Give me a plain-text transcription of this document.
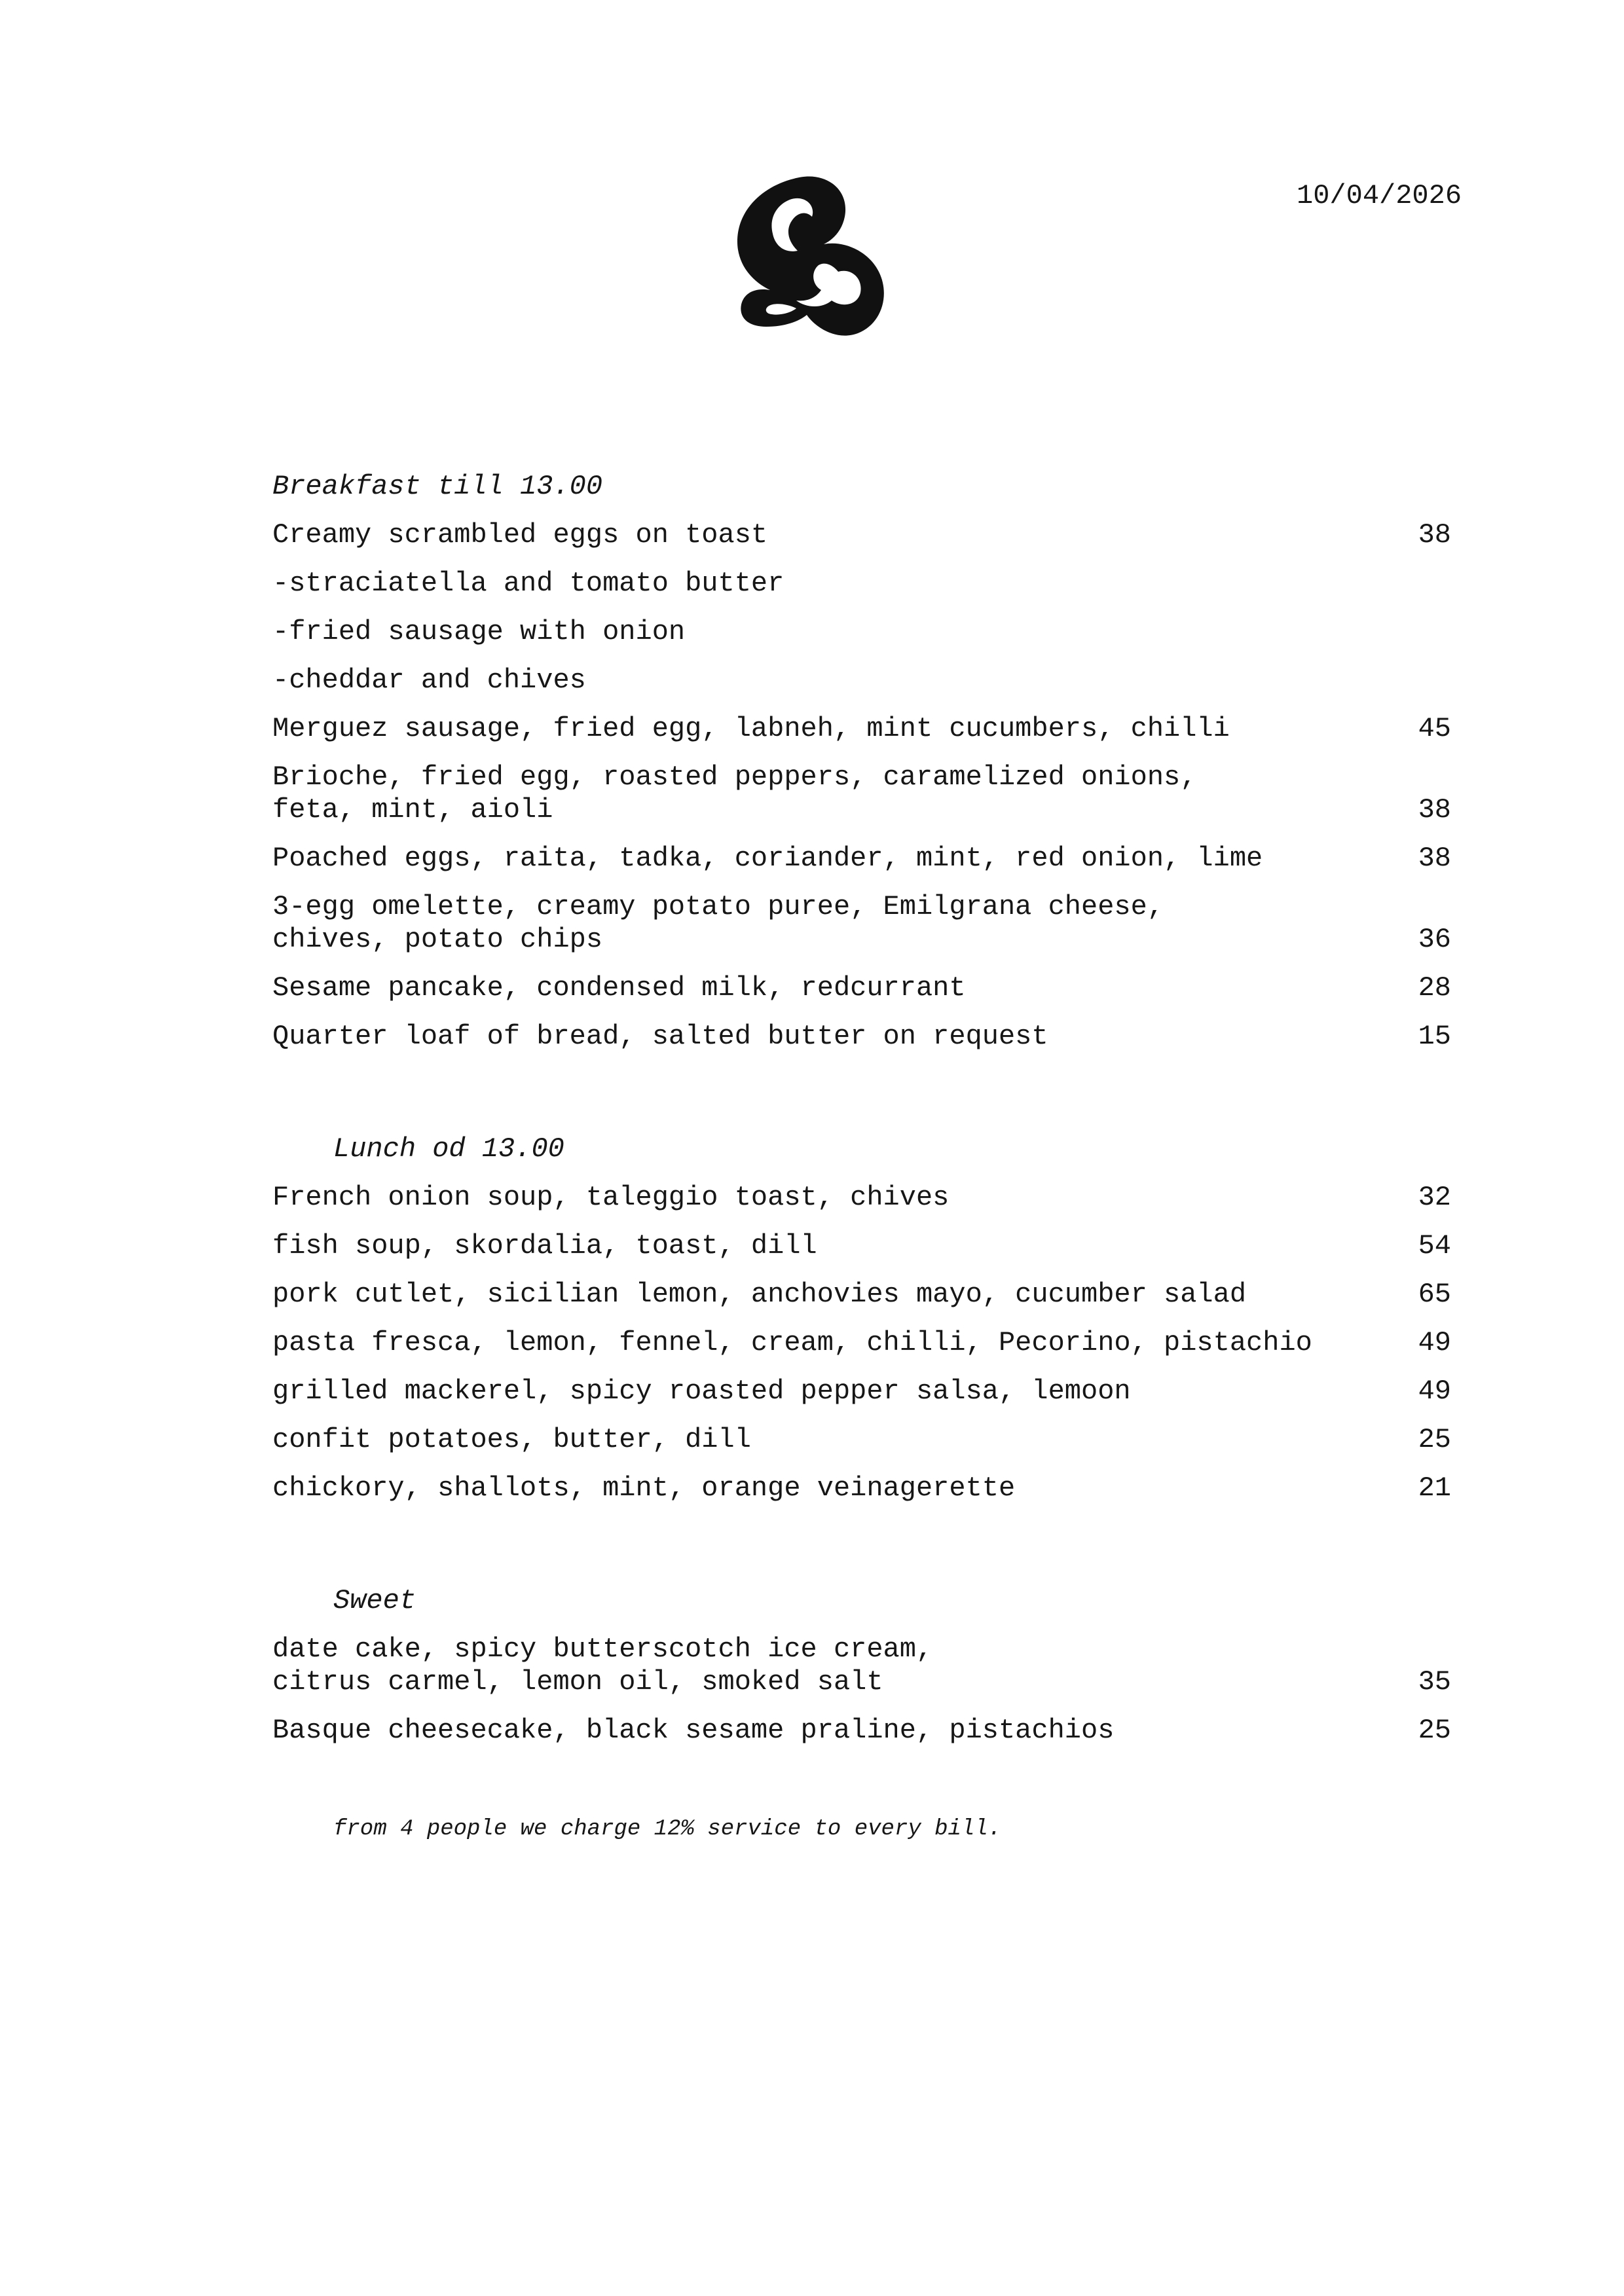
10/04/2026
Breakfast till 13.00
Creamy scrambled eggs on toast	38
-straciatella and tomato butter
-fried sausage with onion
-cheddar and chives
Merguez sausage, fried egg, labneh, mint cucumbers, chilli	45
Brioche, fried egg, roasted peppers, caramelized onions,
feta, mint, aioli	38
Poached eggs, raita, tadka, coriander, mint, red onion, lime	38
3-egg omelette, creamy potato puree, Emilgrana cheese,
chives, potato chips	36
Sesame pancake, condensed milk, redcurrant	28
Quarter loaf of bread, salted butter on request	15
Lunch od 13.00
French onion soup, taleggio toast, chives	32
fish soup, skordalia, toast, dill	54
pork cutlet, sicilian lemon, anchovies mayo, cucumber salad	65
pasta fresca, lemon, fennel, cream, chilli, Pecorino, pistachio	49
grilled mackerel, spicy roasted pepper salsa, lemoon	49
confit potatoes, butter, dill	25
chickory, shallots, mint, orange veinagerette	21
Sweet
date cake, spicy butterscotch ice cream,
citrus carmel, lemon oil, smoked salt	35
Basque cheesecake, black sesame praline, pistachios	25
from 4 people we charge 12% service to every bill.
